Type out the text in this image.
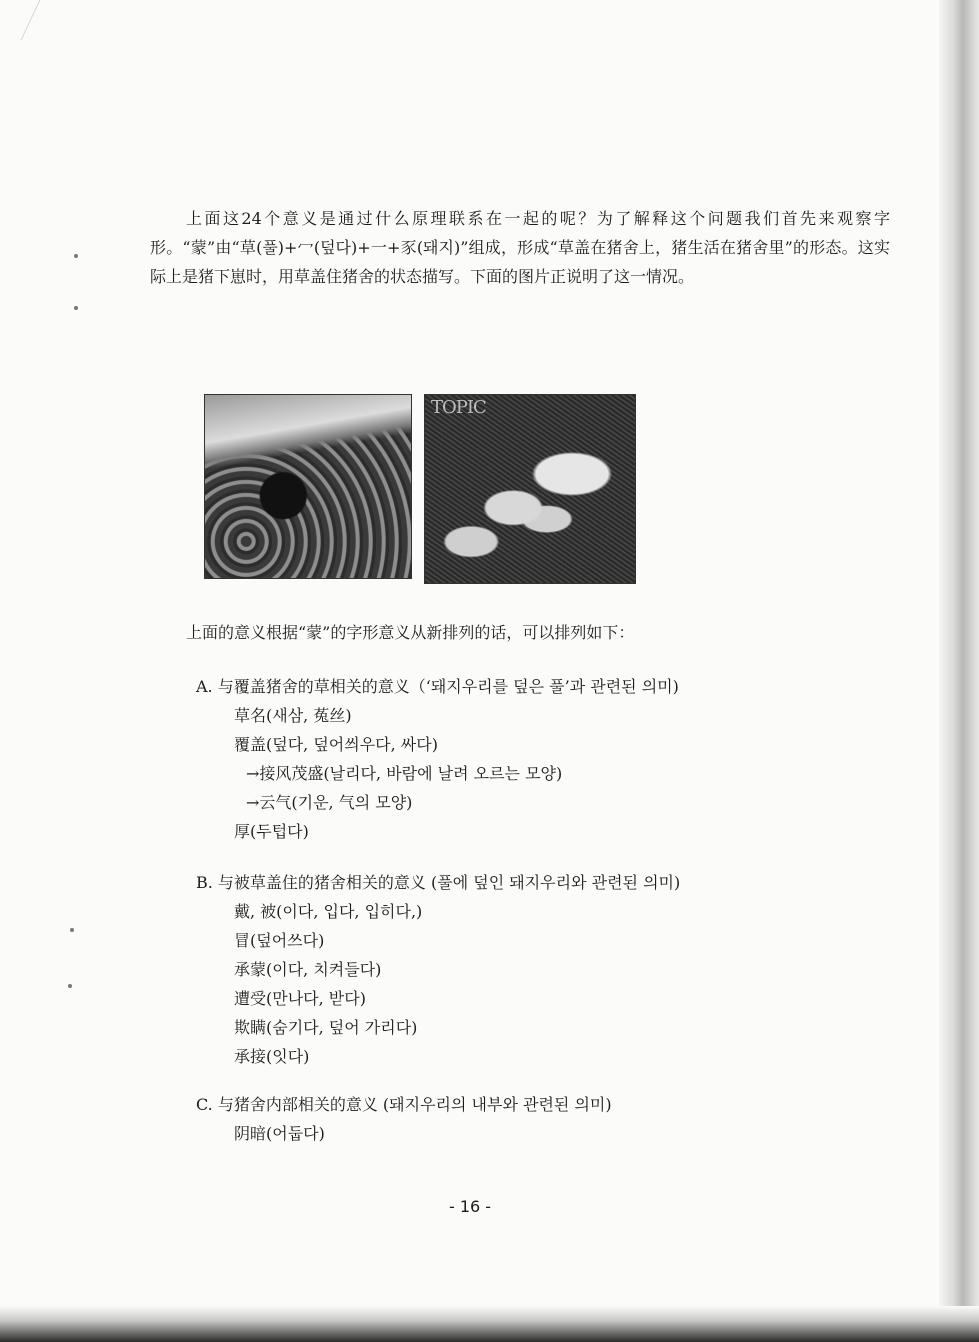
上面这24个意义是通过什么原理联系在一起的呢？为了解释这个问题我们首先来观察字形。“蒙”由“草(풀)+冖(덮다)+一+豕(돼지)”组成，形成“草盖在猪舍上，猪生活在猪舍里”的形态。这实际上是猪下崽时，用草盖住猪舍的状态描写。下面的图片正说明了这一情况。

TOPIC

上面的意义根据“蒙”的字形意义从新排列的话，可以排列如下：

A. 与覆盖猪舍的草相关的意义（‘돼지우리를 덮은 풀’과 관련된 의미)

草名(새삼, 菟丝)

覆盖(덮다, 덮어씌우다, 싸다)

→接风茂盛(날리다, 바람에 날려 오르는 모양)

→云气(기운, 气의 모양)

厚(두텁다)

B. 与被草盖住的猪舍相关的意义 (풀에 덮인 돼지우리와 관련된 의미)

戴, 被(이다, 입다, 입히다,)

冒(덮어쓰다)

承蒙(이다, 치켜들다)

遭受(만나다, 받다)

欺瞒(숨기다, 덮어 가리다)

承接(잇다)

C. 与猪舍内部相关的意义 (돼지우리의 내부와 관련된 의미)

阴暗(어둡다)

- 16 -
